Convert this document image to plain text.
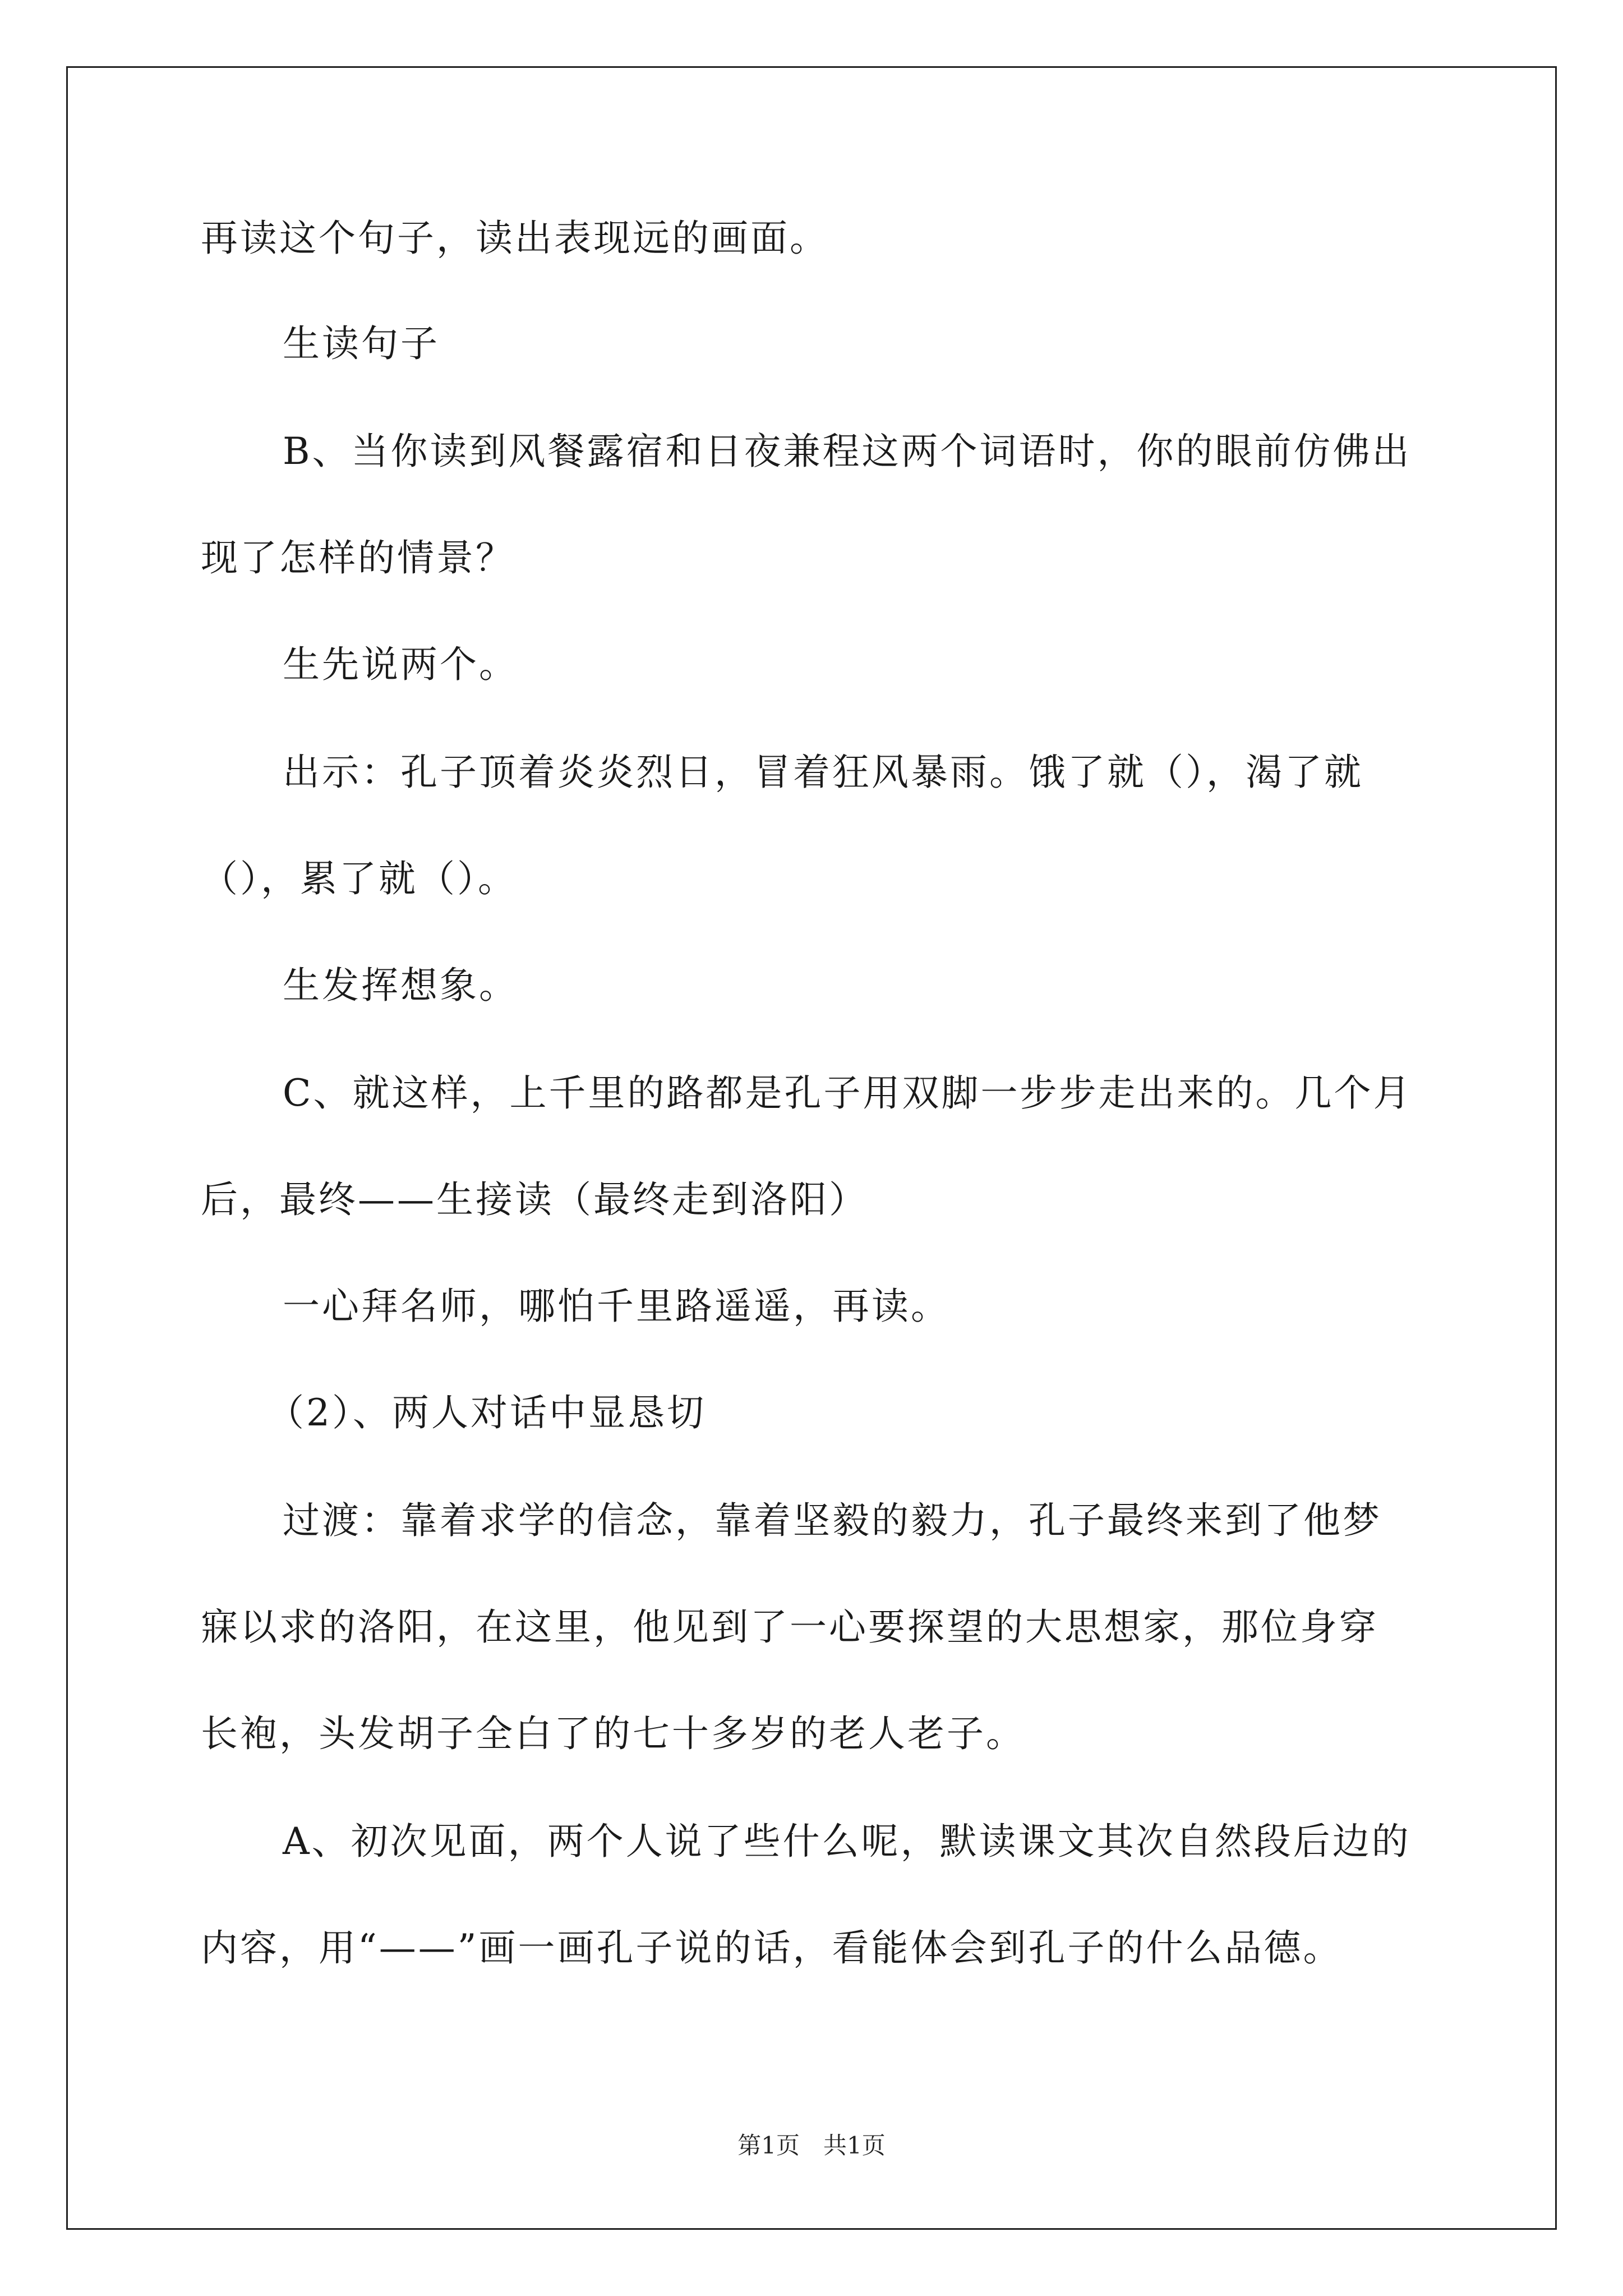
再读这个句子，读出表现远的画面。
生读句子
B、当你读到风餐露宿和日夜兼程这两个词语时，你的眼前仿佛出
现了怎样的情景？
生先说两个。
出示：孔子顶着炎炎烈日，冒着狂风暴雨。饿了就（），渴了就
（），累了就（）。
生发挥想象。
C、就这样，上千里的路都是孔子用双脚一步步走出来的。几个月
后，最终——生接读（最终走到洛阳）
一心拜名师，哪怕千里路遥遥，再读。
（2）、两人对话中显恳切
过渡：靠着求学的信念，靠着坚毅的毅力，孔子最终来到了他梦
寐以求的洛阳，在这里，他见到了一心要探望的大思想家，那位身穿
长袍，头发胡子全白了的七十多岁的老人老子。
A、初次见面，两个人说了些什么呢，默读课文其次自然段后边的
内容，用“——”画一画孔子说的话，看能体会到孔子的什么品德。
第1页　共1页
